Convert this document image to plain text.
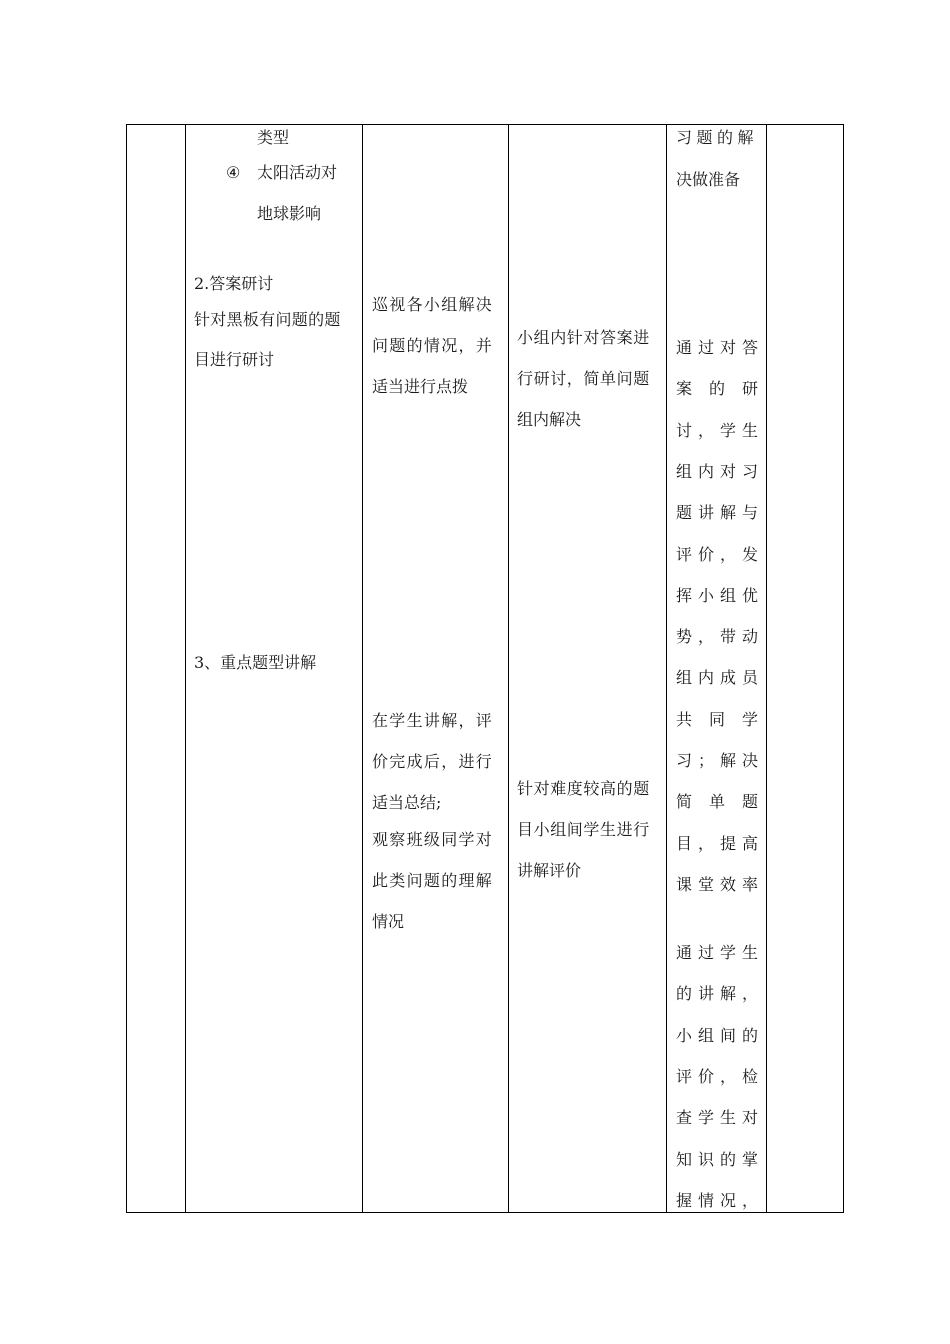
类型
④ 太阳活动对
地球影响
2.答案研讨
针对黑板有问题的题
目进行研讨
3、重点题型讲解
巡视各小组解决
问题的情况，并
适当进行点拨
在学生讲解，评
价完成后，进行
适当总结;
观察班级同学对
此类问题的理解
情况
小组内针对答案进
行研讨，简单问题
组内解决
针对难度较高的题
目小组间学生进行
讲解评价
习题的解
决做准备
通 过 对 答
案 的 研
讨 ， 学 生
组 内 对 习
题 讲 解 与
评 价 ， 发
挥 小 组 优
势 ， 带 动
组 内 成 员
共 同 学
习 ； 解 决
简 单 题
目 ， 提 高
课 堂 效 率
通 过 学 生
的 讲 解 ，
小 组 间 的
评 价 ， 检
查 学 生 对
知 识 的 掌
握 情 况 ，
